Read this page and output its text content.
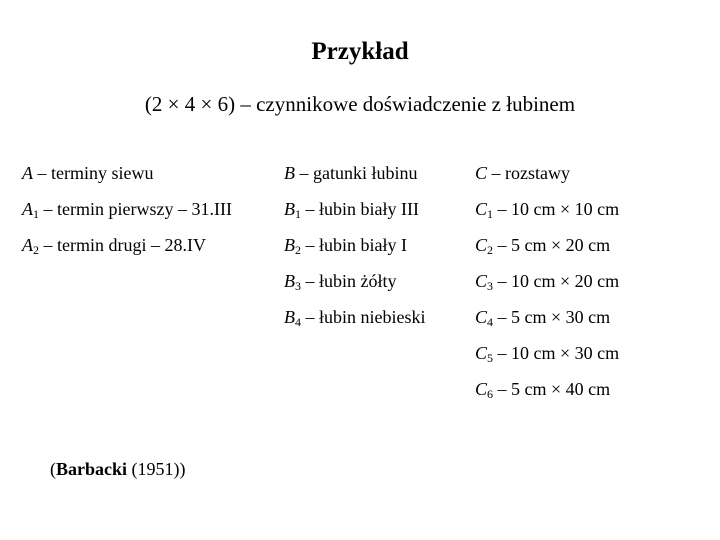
Przykład
(2 × 4 × 6) – czynnikowe doświadczenie z łubinem
A – terminy siewu
$A_1$ – termin pierwszy – 31.III
$A_2$ – termin drugi – 28.IV
B – gatunki łubinu
$B_1$ – łubin biały III
$B_2$ – łubin biały I
$B_3$ – łubin żółty
$B_4$ – łubin niebieski
C – rozstawy
$C_1 - 10$ cm × 10 cm
$C_2 - 5$ cm × 20 cm
$C_3 - 10$ cm × 20 cm
$C_4 - 5$ cm × 30 cm
$C_5 - 10$ cm × 30 cm
$C_6 - 5$ cm × 40 cm
(Barbacki (1951))
